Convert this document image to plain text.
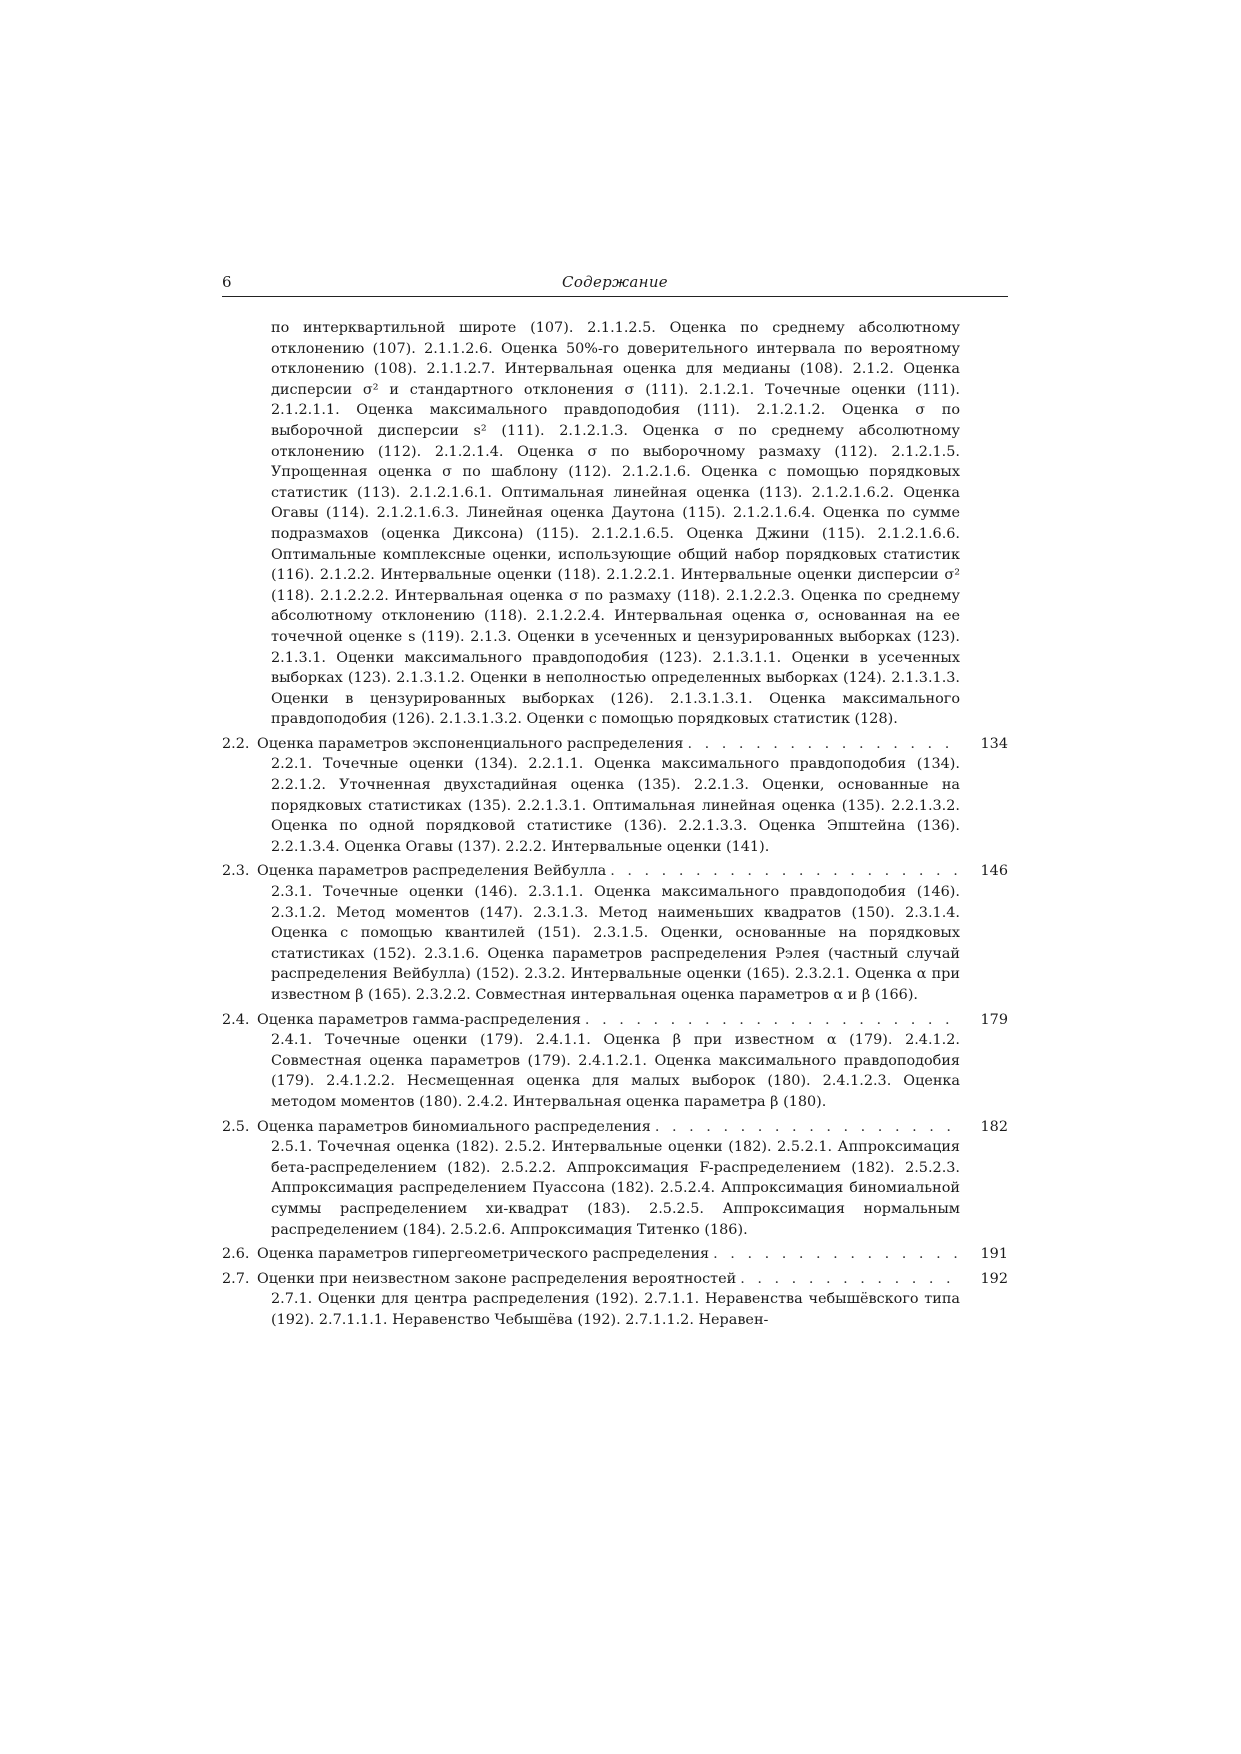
6	Содержание
по интерквартильной широте (107). 2.1.1.2.5. Оценка по среднему абсолютному отклонению (107). 2.1.1.2.6. Оценка 50%-го доверительного интервала по вероятному отклонению (108). 2.1.1.2.7. Интервальная оценка для медианы (108). 2.1.2. Оценка дисперсии σ² и стандартного отклонения σ (111). 2.1.2.1. Точечные оценки (111). 2.1.2.1.1. Оценка максимального правдоподобия (111). 2.1.2.1.2. Оценка σ по выборочной дисперсии s² (111). 2.1.2.1.3. Оценка σ по среднему абсолютному отклонению (112). 2.1.2.1.4. Оценка σ по выборочному размаху (112). 2.1.2.1.5. Упрощенная оценка σ по шаблону (112). 2.1.2.1.6. Оценка с помощью порядковых статистик (113). 2.1.2.1.6.1. Оптимальная линейная оценка (113). 2.1.2.1.6.2. Оценка Огавы (114). 2.1.2.1.6.3. Линейная оценка Даутона (115). 2.1.2.1.6.4. Оценка по сумме подразмахов (оценка Диксона) (115). 2.1.2.1.6.5. Оценка Джини (115). 2.1.2.1.6.6. Оптимальные комплексные оценки, использующие общий набор порядковых статистик (116). 2.1.2.2. Интервальные оценки (118). 2.1.2.2.1. Интервальные оценки дисперсии σ² (118). 2.1.2.2.2. Интервальная оценка σ по размаху (118). 2.1.2.2.3. Оценка по среднему абсолютному отклонению (118). 2.1.2.2.4. Интервальная оценка σ, основанная на ее точечной оценке s (119). 2.1.3. Оценки в усеченных и цензурированных выборках (123). 2.1.3.1. Оценки максимального правдоподобия (123). 2.1.3.1.1. Оценки в усеченных выборках (123). 2.1.3.1.2. Оценки в неполностью определенных выборках (124). 2.1.3.1.3. Оценки в цензурированных выборках (126). 2.1.3.1.3.1. Оценка максимального правдоподобия (126). 2.1.3.1.3.2. Оценки с помощью порядковых статистик (128).
2.2. Оценка параметров экспоненциального распределения . . .	134
2.2.1. Точечные оценки (134). 2.2.1.1. Оценка максимального правдоподобия (134). 2.2.1.2. Уточненная двухстадийная оценка (135). 2.2.1.3. Оценки, основанные на порядковых статистиках (135). 2.2.1.3.1. Оптимальная линейная оценка (135). 2.2.1.3.2. Оценка по одной порядковой статистике (136). 2.2.1.3.3. Оценка Эпштейна (136). 2.2.1.3.4. Оценка Огавы (137). 2.2.2. Интервальные оценки (141).
2.3. Оценка параметров распределения Вейбулла . . .	146
2.3.1. Точечные оценки (146). 2.3.1.1. Оценка максимального правдоподобия (146). 2.3.1.2. Метод моментов (147). 2.3.1.3. Метод наименьших квадратов (150). 2.3.1.4. Оценка с помощью квантилей (151). 2.3.1.5. Оценки, основанные на порядковых статистиках (152). 2.3.1.6. Оценка параметров распределения Рэлея (частный случай распределения Вейбулла) (152). 2.3.2. Интервальные оценки (165). 2.3.2.1. Оценка α при известном β (165). 2.3.2.2. Совместная интервальная оценка параметров α и β (166).
2.4. Оценка параметров гамма-распределения . . .	179
2.4.1. Точечные оценки (179). 2.4.1.1. Оценка β при известном α (179). 2.4.1.2. Совместная оценка параметров (179). 2.4.1.2.1. Оценка максимального правдоподобия (179). 2.4.1.2.2. Несмещенная оценка для малых выборок (180). 2.4.1.2.3. Оценка методом моментов (180). 2.4.2. Интервальная оценка параметра β (180).
2.5. Оценка параметров биномиального распределения . . .	182
2.5.1. Точечная оценка (182). 2.5.2. Интервальные оценки (182). 2.5.2.1. Аппроксимация бета-распределением (182). 2.5.2.2. Аппроксимация F-распределением (182). 2.5.2.3. Аппроксимация распределением Пуассона (182). 2.5.2.4. Аппроксимация биномиальной суммы распределением хи-квадрат (183). 2.5.2.5. Аппроксимация нормальным распределением (184). 2.5.2.6. Аппроксимация Титенко (186).
2.6. Оценка параметров гипергеометрического распределения . . .	191
2.7. Оценки при неизвестном законе распределения вероятностей . . .	192
2.7.1. Оценки для центра распределения (192). 2.7.1.1. Неравенства чебышёвского типа (192). 2.7.1.1.1. Неравенство Чебышёва (192). 2.7.1.1.2. Неравен-
